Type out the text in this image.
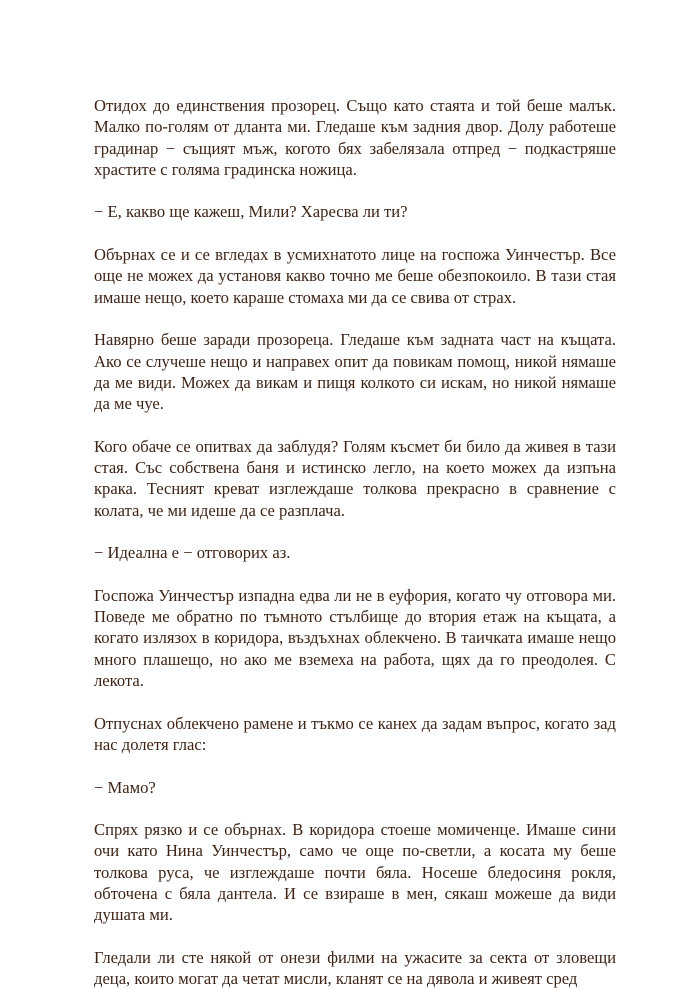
Отидох до единствения прозорец. Също като стаята и той беше малък. Малко по-голям от дланта ми. Гледаше към задния двор. Долу работеше градинар − същият мъж, когото бях забелязала отпред − подкастряше храстите с голяма градинска ножица.

− Е, какво ще кажеш, Мили? Харесва ли ти?

Обърнах се и се вгледах в усмихнатото лице на госпожа Уинчестър. Все още не можех да установя какво точно ме беше обезпокоило. В тази стая имаше нещо, което караше стомаха ми да се свива от страх.

Навярно беше заради прозореца. Гледаше към задната част на къщата. Ако се случеше нещо и направех опит да повикам помощ, никой нямаше да ме види. Можех да викам и пищя колкото си искам, но никой нямаше да ме чуе.

Кого обаче се опитвах да заблудя? Голям късмет би било да живея в тази стая. Със собствена баня и истинско легло, на което можех да изпъна крака. Тесният креват изглеждаше толкова прекрасно в сравнение с колата, че ми идеше да се разплача.

− Идеална е − отговорих аз.

Госпожа Уинчестър изпадна едва ли не в еуфория, когато чу отговора ми. Поведе ме обратно по тъмното стълбище до втория етаж на къщата, а когато излязох в коридора, въздъхнах облекчено. В таичката имаше нещо много плашещо, но ако ме вземеха на работа, щях да го преодолея. С лекота.

Отпуснах облекчено рамене и тъкмо се канех да задам въпрос, когато зад нас долетя глас:

− Мамо?

Спрях рязко и се обърнах. В коридора стоеше момиченце. Имаше сини очи като Нина Уинчестър, само че още по-светли, а косата му беше толкова руса, че изглеждаше почти бяла. Носеше бледосиня рокля, обточена с бяла дантела. И се взираше в мен, сякаш можеше да види душата ми.

Гледали ли сте някой от онези филми на ужасите за секта от зловещи деца, които могат да четат мисли, кланят се на дявола и живеят сред
